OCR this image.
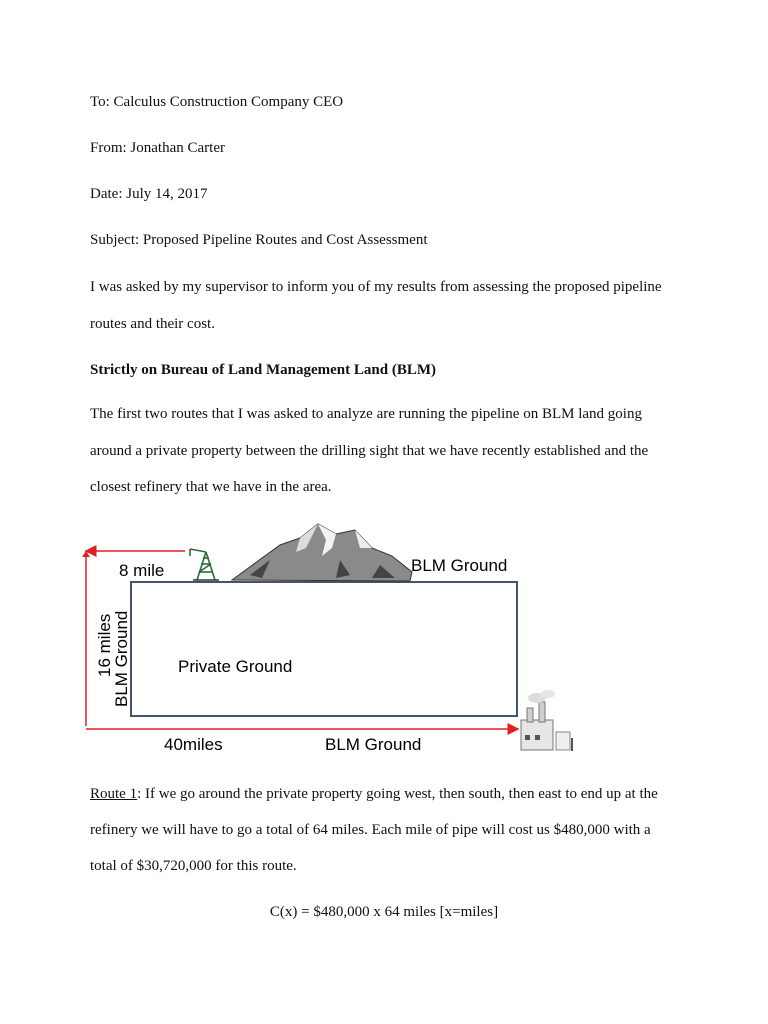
To: Calculus Construction Company CEO
From: Jonathan Carter
Date: July 14, 2017
Subject: Proposed Pipeline Routes and Cost Assessment
I was asked by my supervisor to inform you of my results from assessing the proposed pipeline
routes and their cost.
Strictly on Bureau of Land Management Land (BLM)
The first two routes that I was asked to analyze are running the pipeline on BLM land going
around a private property between the drilling sight that we have recently established and the
closest refinery that we have in the area.
8 mile	BLM Ground
Private Ground
16 miles
BLM Ground
40miles	BLM Ground
Route 1: If we go around the private property going west, then south, then east to end up at the
refinery we will have to go a total of 64 miles. Each mile of pipe will cost us $480,000 with a
total of $30,720,000 for this route.
C(x) = $480,000 x 64 miles [x=miles]
